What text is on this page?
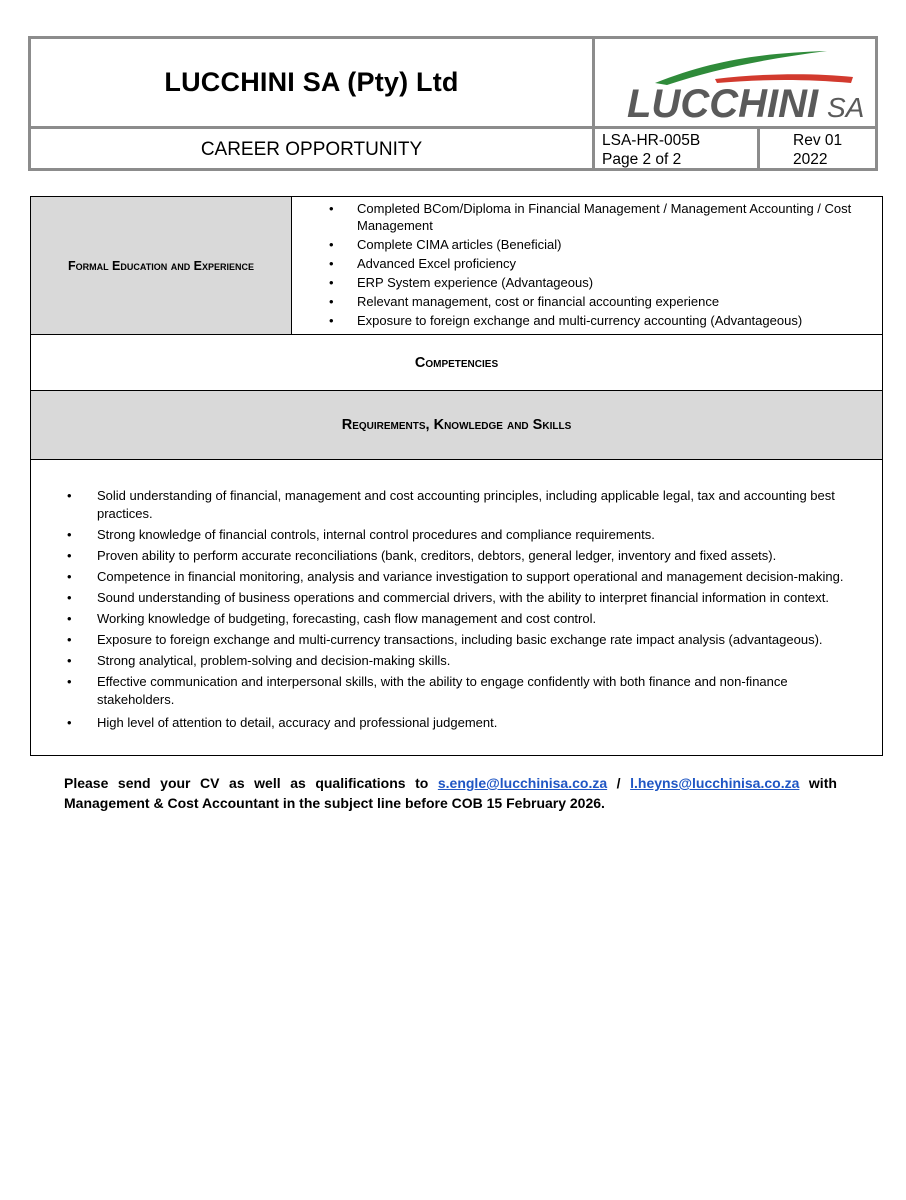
LUCCHINI SA (Pty) Ltd
CAREER OPPORTUNITY
LUCCHINI SA
LSA-HR-005B
Page 2 of 2
Rev 01
2022
Formal Education and Experience
• Completed BCom/Diploma in Financial Management / Management Accounting / Cost Management
• Complete CIMA articles (Beneficial)
• Advanced Excel proficiency
• ERP System experience (Advantageous)
• Relevant management, cost or financial accounting experience
• Exposure to foreign exchange and multi-currency accounting (Advantageous)
Competencies
Requirements, Knowledge and Skills
• Solid understanding of financial, management and cost accounting principles, including applicable legal, tax and accounting best practices.
• Strong knowledge of financial controls, internal control procedures and compliance requirements.
• Proven ability to perform accurate reconciliations (bank, creditors, debtors, general ledger, inventory and fixed assets).
• Competence in financial monitoring, analysis and variance investigation to support operational and management decision-making.
• Sound understanding of business operations and commercial drivers, with the ability to interpret financial information in context.
• Working knowledge of budgeting, forecasting, cash flow management and cost control.
• Exposure to foreign exchange and multi-currency transactions, including basic exchange rate impact analysis (advantageous).
• Strong analytical, problem-solving and decision-making skills.
• Effective communication and interpersonal skills, with the ability to engage confidently with both finance and non-finance stakeholders.
• High level of attention to detail, accuracy and professional judgement.
Please send your CV as well as qualifications to s.engle@lucchinisa.co.za / l.heyns@lucchinisa.co.za with
Management & Cost Accountant in the subject line before COB 15 February 2026.
